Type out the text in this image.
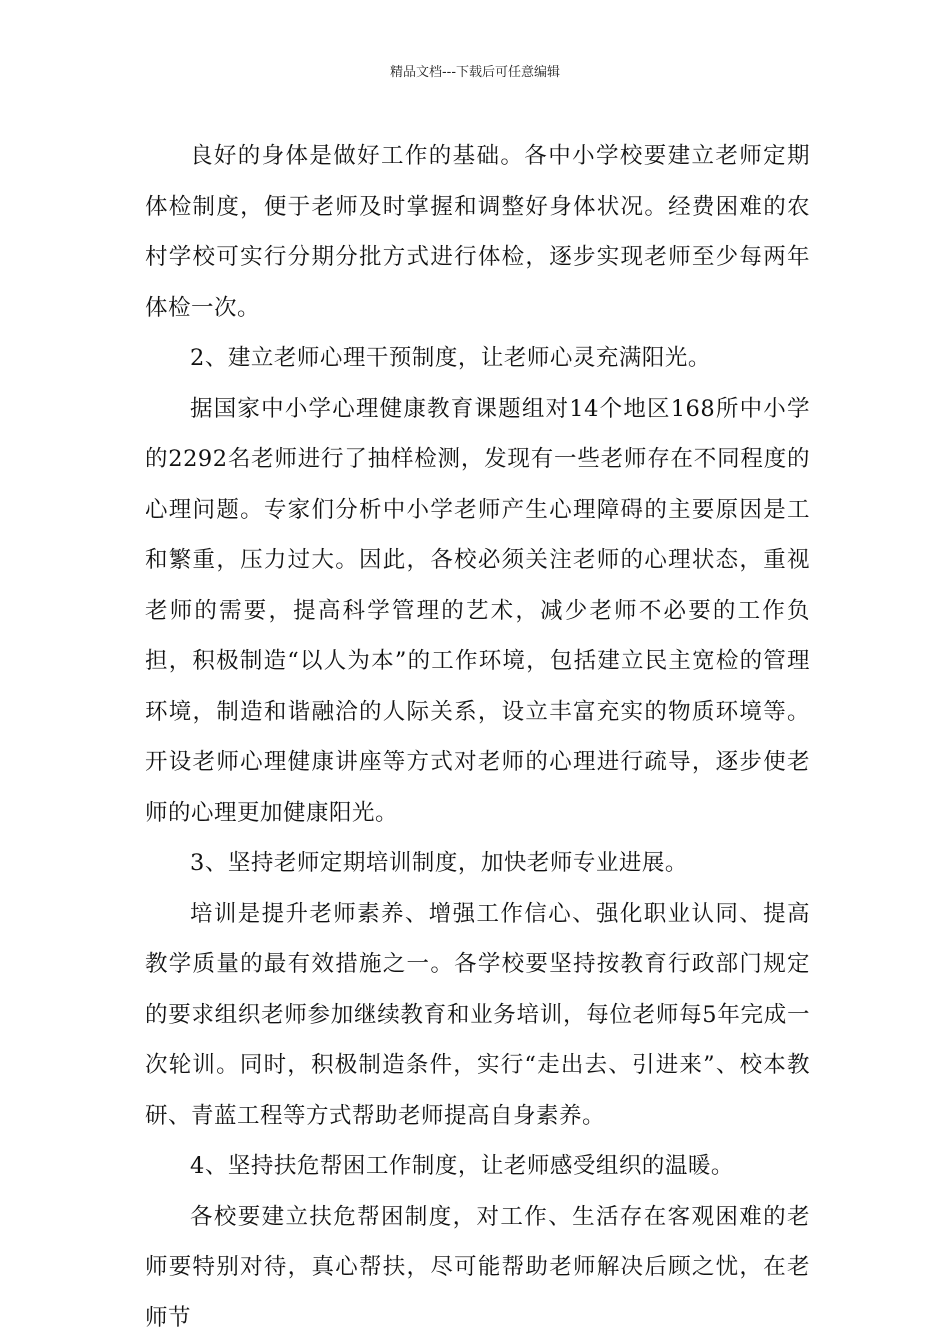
精品文档---下载后可任意编辑

良好的身体是做好工作的基础。各中小学校要建立老师定期体检制度，便于老师及时掌握和调整好身体状况。经费困难的农村学校可实行分期分批方式进行体检，逐步实现老师至少每两年体检一次。

2、建立老师心理干预制度，让老师心灵充满阳光。

据国家中小学心理健康教育课题组对14个地区168所中小学的2292名老师进行了抽样检测，发现有一些老师存在不同程度的心理问题。专家们分析中小学老师产生心理障碍的主要原因是工和繁重，压力过大。因此，各校必须关注老师的心理状态，重视老师的需要，提高科学管理的艺术，减少老师不必要的工作负担，积极制造“以人为本”的工作环境，包括建立民主宽检的管理环境，制造和谐融洽的人际关系，设立丰富充实的物质环境等。开设老师心理健康讲座等方式对老师的心理进行疏导，逐步使老师的心理更加健康阳光。

3、坚持老师定期培训制度，加快老师专业进展。

培训是提升老师素养、增强工作信心、强化职业认同、提高教学质量的最有效措施之一。各学校要坚持按教育行政部门规定的要求组织老师参加继续教育和业务培训，每位老师每5年完成一次轮训。同时，积极制造条件，实行“走出去、引进来”、校本教研、青蓝工程等方式帮助老师提高自身素养。

4、坚持扶危帮困工作制度，让老师感受组织的温暖。

各校要建立扶危帮困制度，对工作、生活存在客观困难的老师要特别对待，真心帮扶，尽可能帮助老师解决后顾之忧，在老师节
